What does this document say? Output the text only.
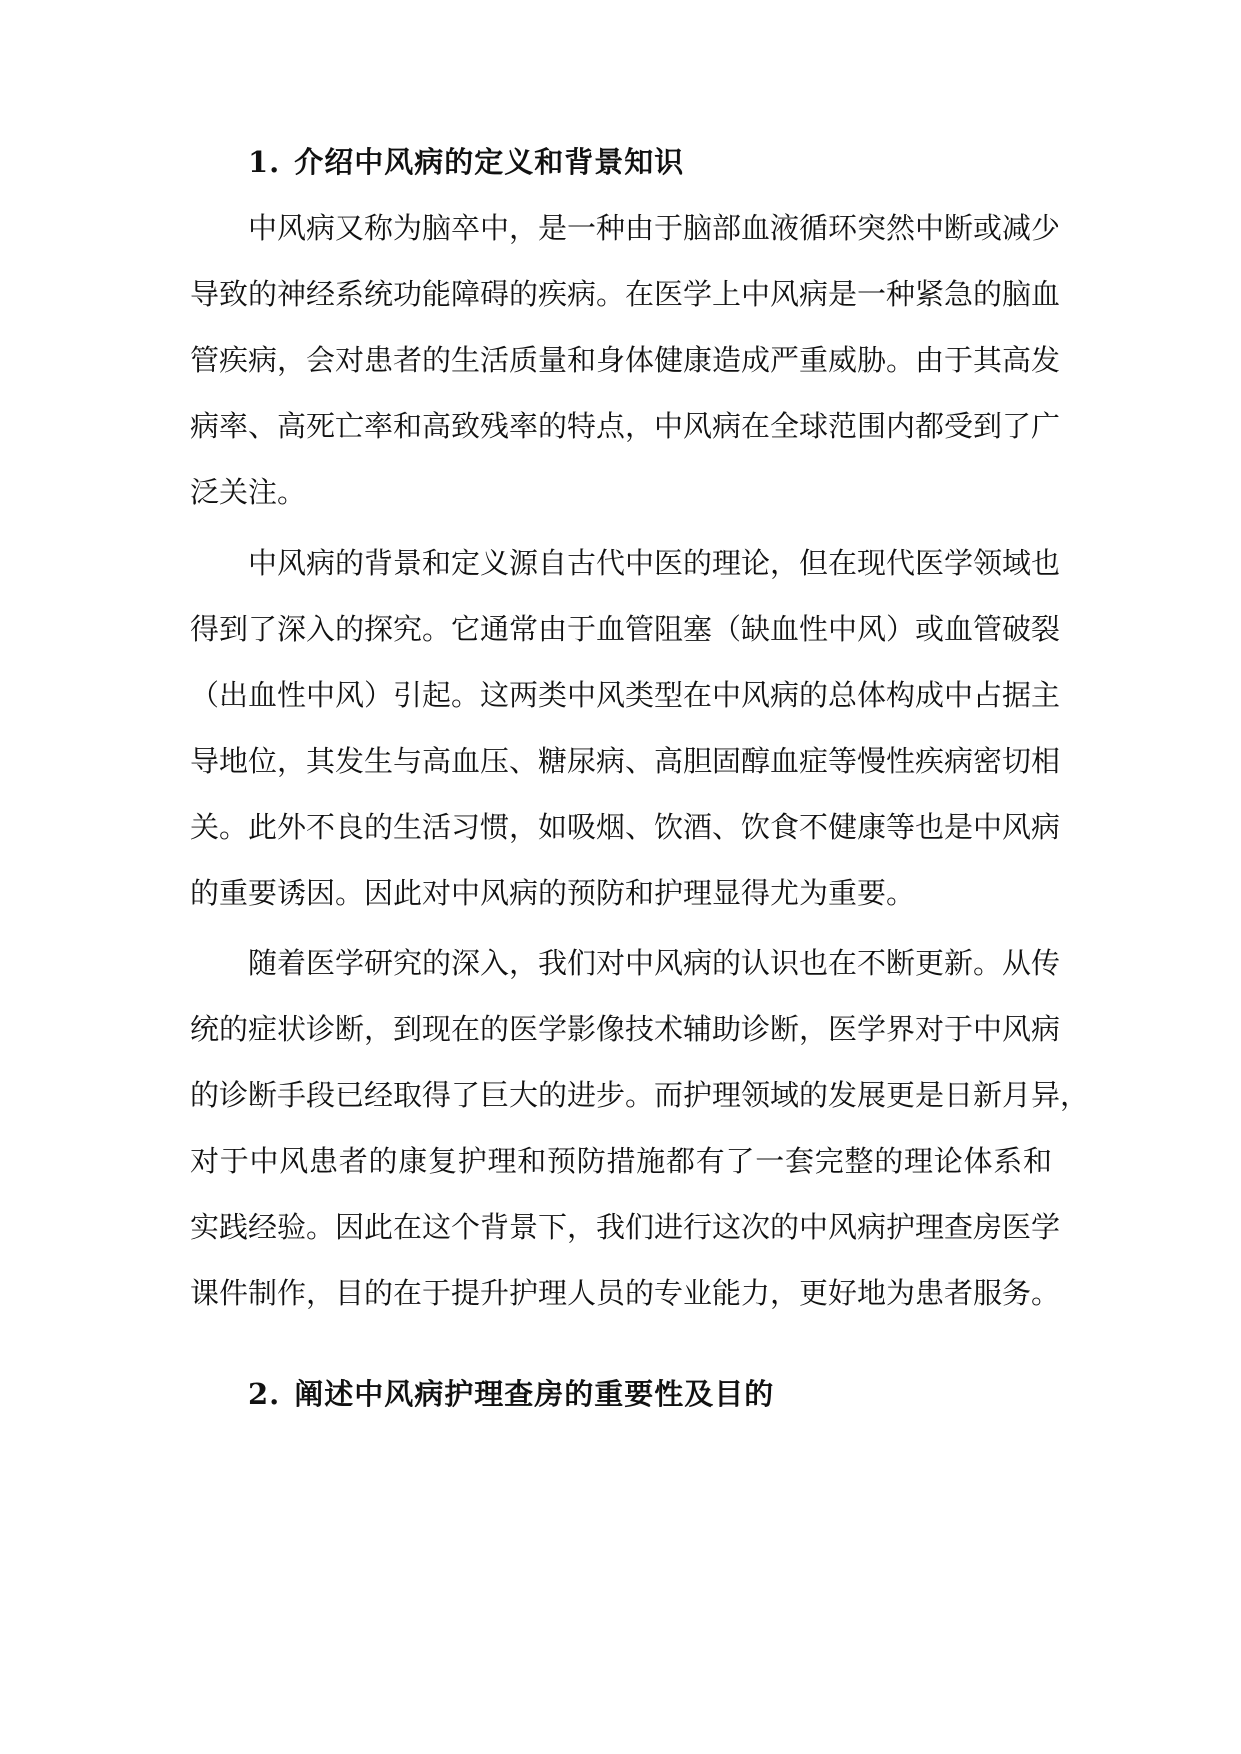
1. 介绍中风病的定义和背景知识
中风病又称为脑卒中，是一种由于脑部血液循环突然中断或减少
导致的神经系统功能障碍的疾病。在医学上中风病是一种紧急的脑血
管疾病，会对患者的生活质量和身体健康造成严重威胁。由于其高发
病率、高死亡率和高致残率的特点，中风病在全球范围内都受到了广
泛关注。
中风病的背景和定义源自古代中医的理论，但在现代医学领域也
得到了深入的探究。它通常由于血管阻塞（缺血性中风）或血管破裂
（出血性中风）引起。这两类中风类型在中风病的总体构成中占据主
导地位，其发生与高血压、糖尿病、高胆固醇血症等慢性疾病密切相
关。此外不良的生活习惯，如吸烟、饮酒、饮食不健康等也是中风病
的重要诱因。因此对中风病的预防和护理显得尤为重要。
随着医学研究的深入，我们对中风病的认识也在不断更新。从传
统的症状诊断，到现在的医学影像技术辅助诊断，医学界对于中风病
的诊断手段已经取得了巨大的进步。而护理领域的发展更是日新月异，
对于中风患者的康复护理和预防措施都有了一套完整的理论体系和
实践经验。因此在这个背景下，我们进行这次的中风病护理查房医学
课件制作，目的在于提升护理人员的专业能力，更好地为患者服务。
2. 阐述中风病护理查房的重要性及目的
